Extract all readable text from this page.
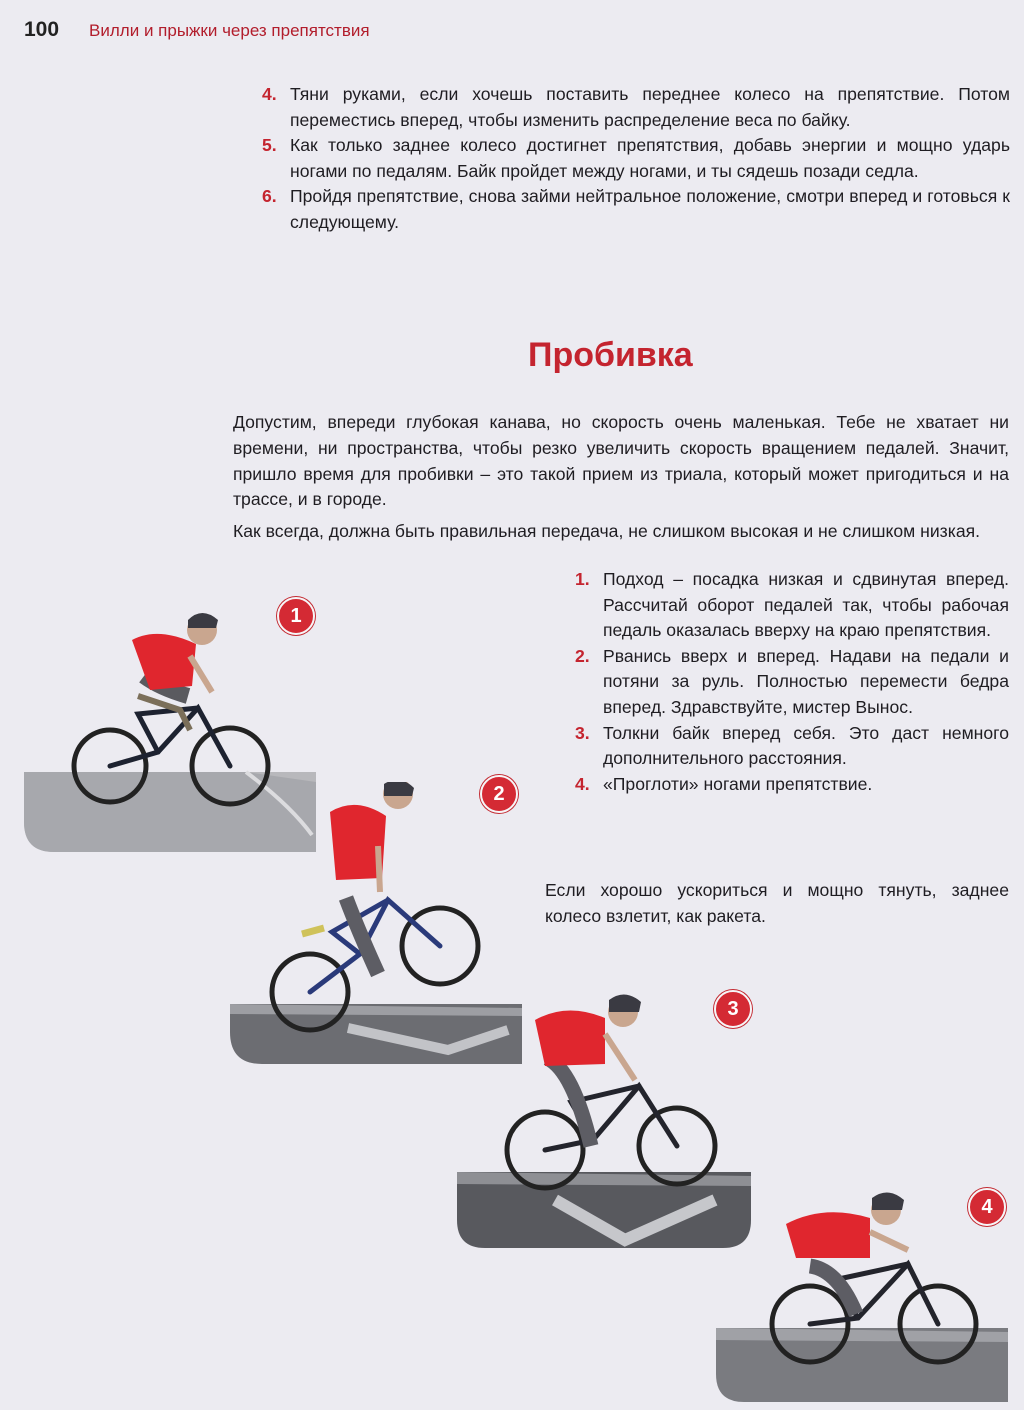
100 Вилли и прыжки через препятствия
4. Тяни руками, если хочешь поставить переднее колесо на препятствие. Потом переместись вперед, чтобы изменить распределение веса по байку.
5. Как только заднее колесо достигнет препятствия, добавь энергии и мощно ударь ногами по педалям. Байк пройдет между ногами, и ты сядешь позади седла.
6. Пройдя препятствие, снова займи нейтральное положение, смотри вперед и готовься к следующему.
Пробивка

Допустим, впереди глубокая канава, но скорость очень маленькая. Тебе не хватает ни времени, ни пространства, чтобы резко увеличить скорость вращением педалей. Значит, пришло время для пробивки – это такой прием из триала, который может пригодиться и на трассе, и в городе.

Как всегда, должна быть правильная передача, не слишком высокая и не слишком низкая.

1. Подход – посадка низкая и сдвинутая вперед. Рассчитай оборот педалей так, чтобы рабочая педаль оказалась вверху на краю препятствия.
2. Рванись вверх и вперед. Надави на педали и потяни за руль. Полностью перемести бедра вперед. Здравствуйте, мистер Вынос.
3. Толкни байк вперед себя. Это даст немного дополнительного расстояния.
4. «Проглоти» ногами препятствие.
Если хорошо ускориться и мощно тянуть, заднее колесо взлетит, как ракета.
1
2
3
4
